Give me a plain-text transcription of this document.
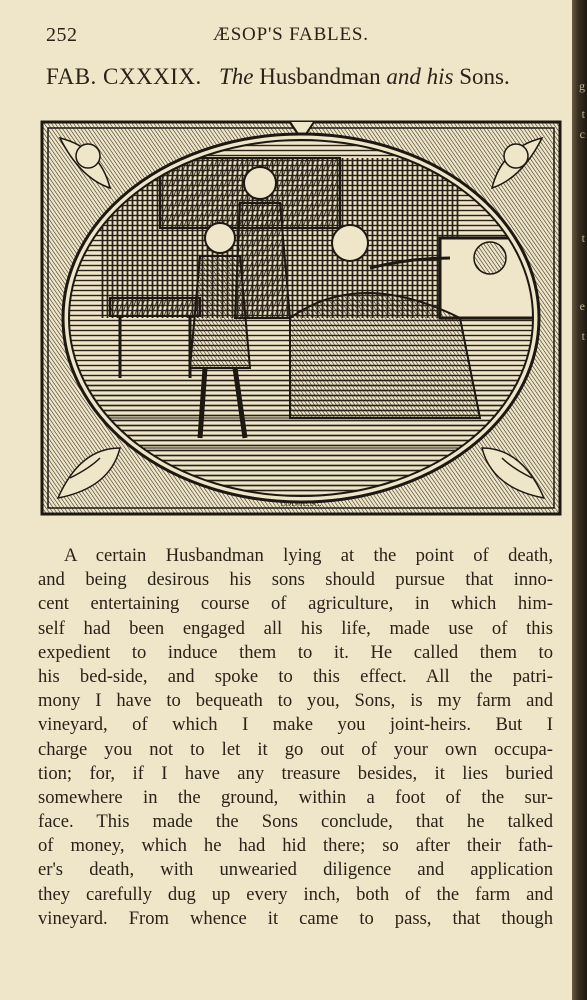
g
t
c
t
e
t
252	ÆSOP'S FABLES.
FAB. CXXXIX. The Husbandman and his Sons.
LODGE.SC.
A certain Husbandman lying at the point of death,
and being desirous his sons should pursue that inno-
cent entertaining course of agriculture, in which him-
self had been engaged all his life, made use of this
expedient to induce them to it. He called them to
his bed-side, and spoke to this effect. All the patri-
mony I have to bequeath to you, Sons, is my farm and
vineyard, of which I make you joint-heirs. But I
charge you not to let it go out of your own occupa-
tion; for, if I have any treasure besides, it lies buried
somewhere in the ground, within a foot of the sur-
face. This made the Sons conclude, that he talked
of money, which he had hid there; so after their fath-
er's death, with unwearied diligence and application
they carefully dug up every inch, both of the farm and
vineyard. From whence it came to pass, that though
